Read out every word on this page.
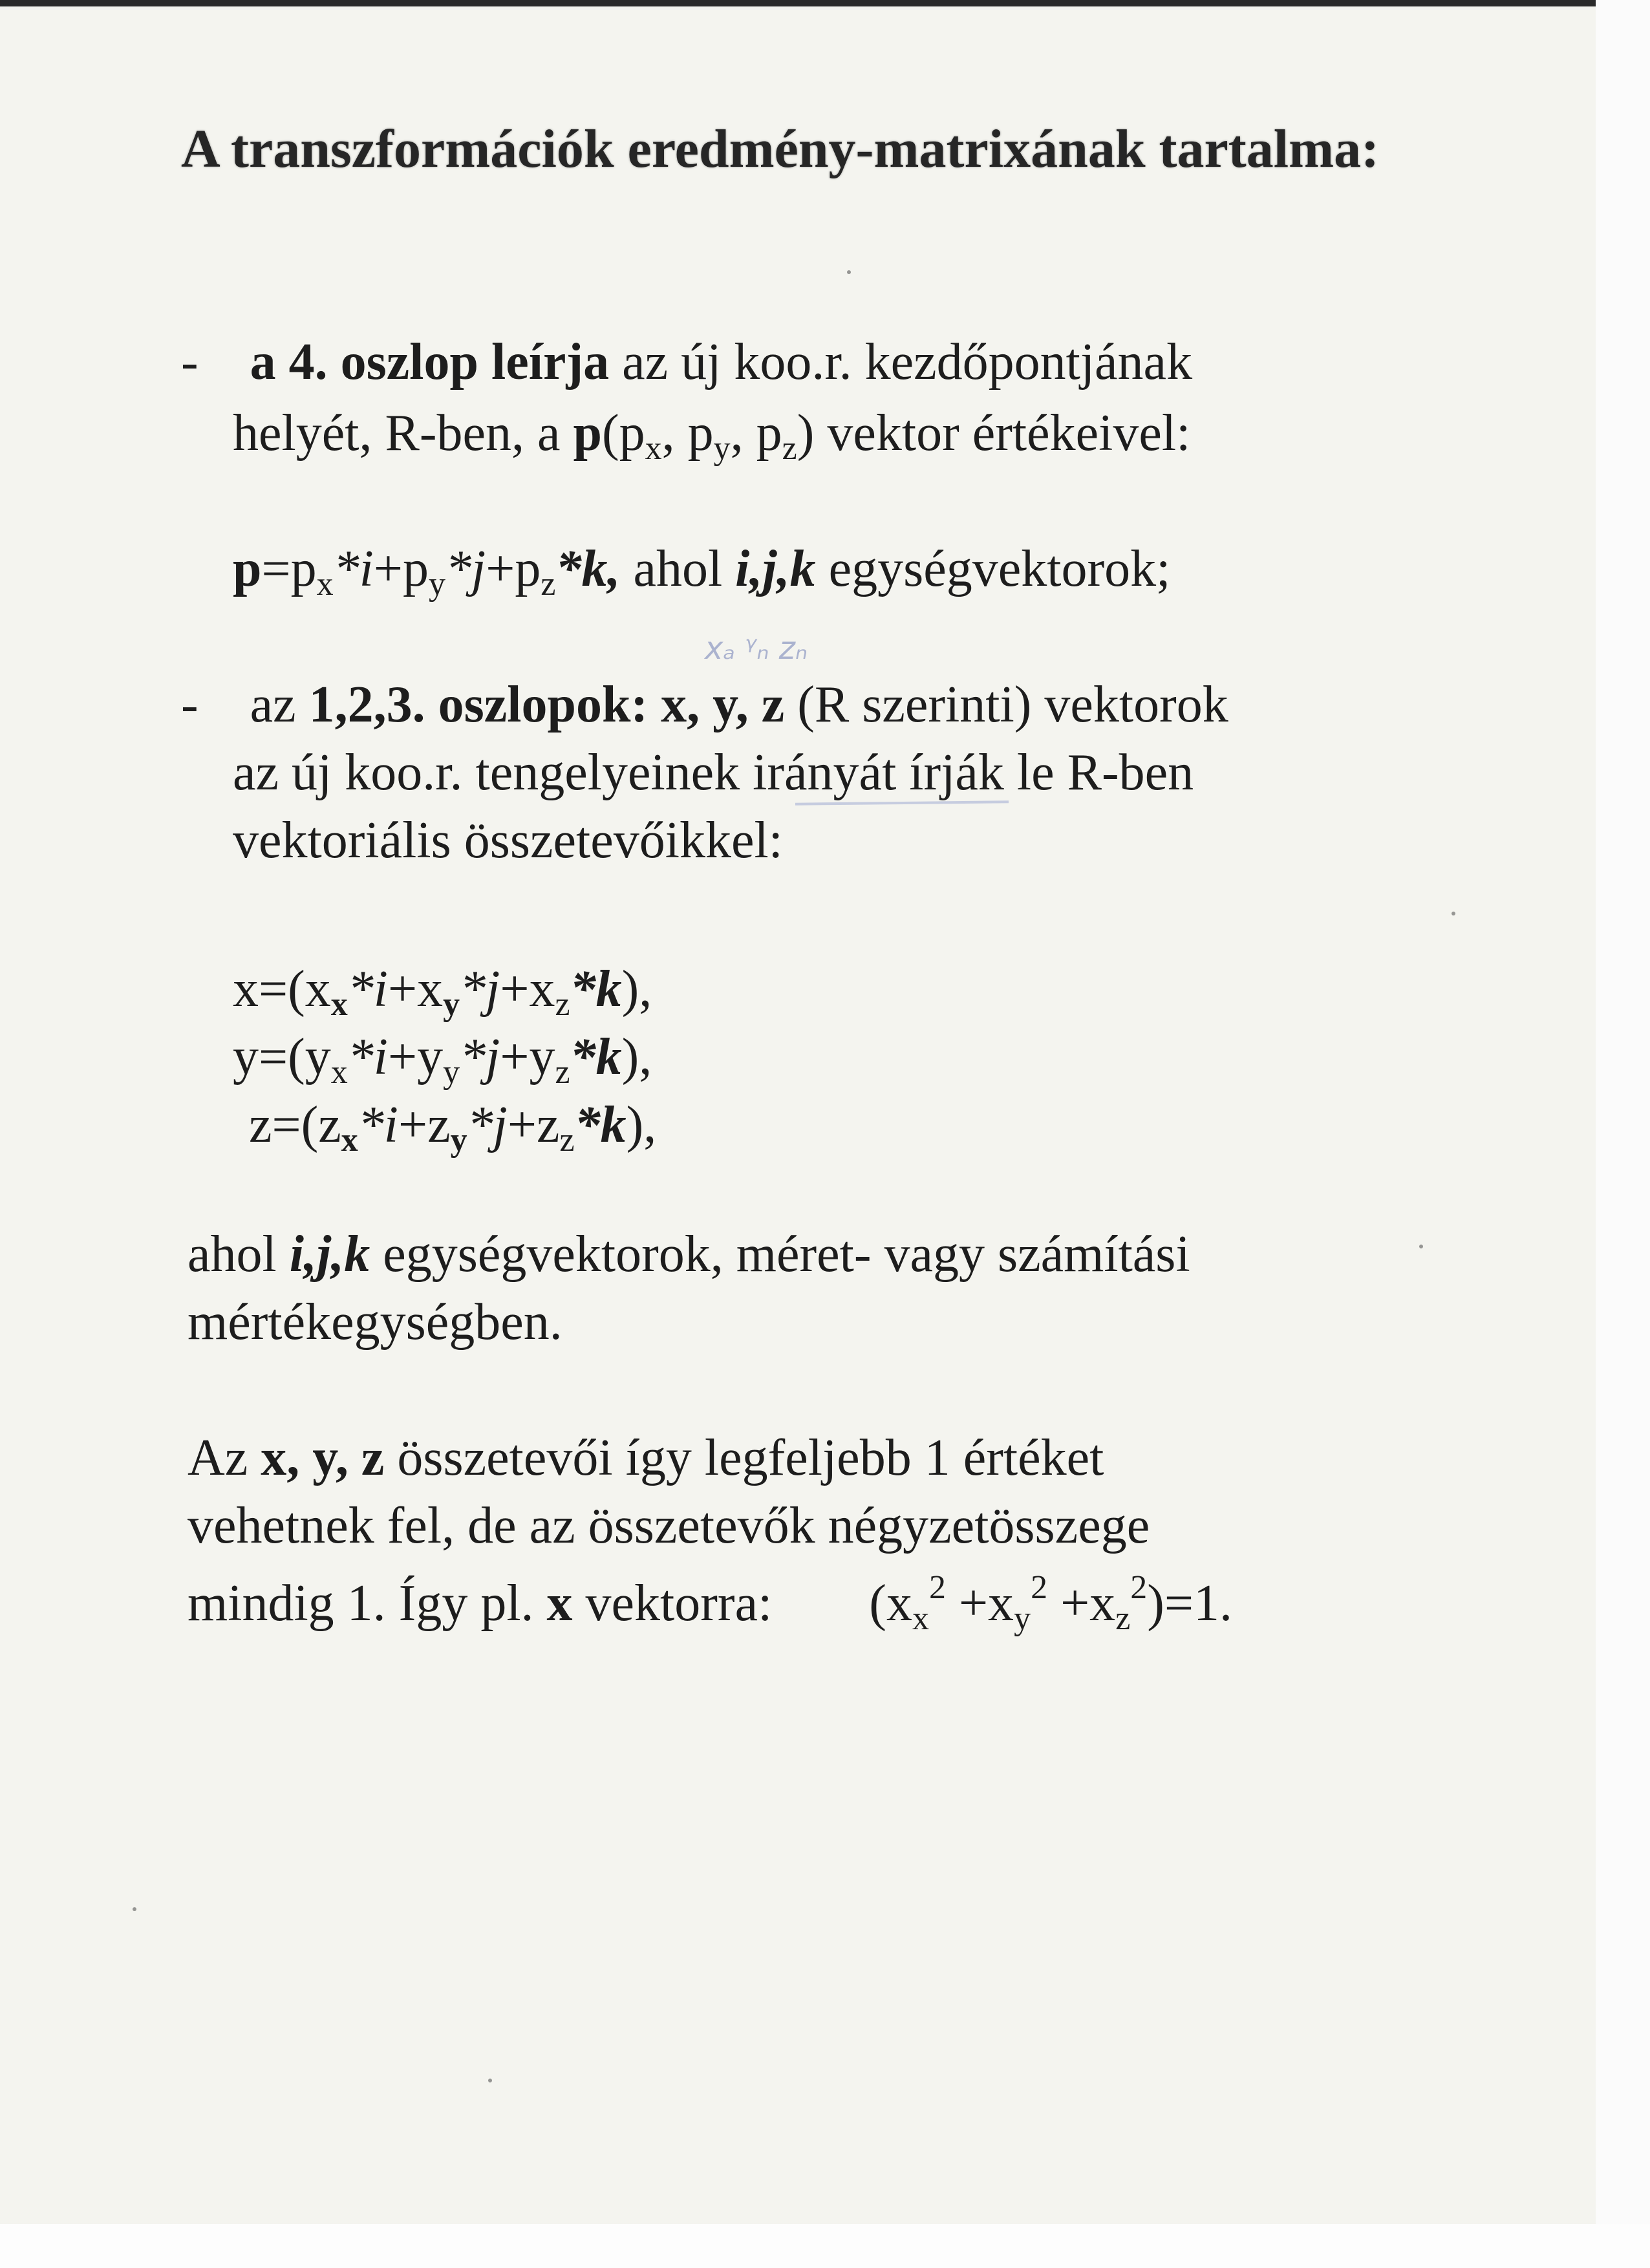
A transzformációk eredmény-matrixának tartalma:
- a 4. oszlop leírja az új koo.r. kezdőpontjának
helyét, R-ben, a $p(p_x$, $p_y$, $p_z$) vektor értékeivel:
$p=p_x*i+p_y*j+p_z*k$, ahol i,j,k egységvektorok;
xₐ ᵞₙ zₙ
- az 1,2,3. oszlopok: x, y, z (R szerinti) vektorok
az új koo.r. tengelyeinek irányát írják le R-ben
vektoriális összetevőikkel:
$x=(x_x*i+x_y*j+x_z*k)$,
$y=(y_x*i+y_y*j+y_z*k)$,
$z=(z_x*i+z_y*j+z_z*k)$,
ahol i,j,k egységvektorok, méret- vagy számítási
mértékegységben.
Az x, y, z összetevői így legfeljebb 1 értéket
vehetnek fel, de az összetevők négyzetösszege
mindig 1. Így pl. x vektorra: $(x_x^2 +x_y^2 +x_z^2)=1$.
